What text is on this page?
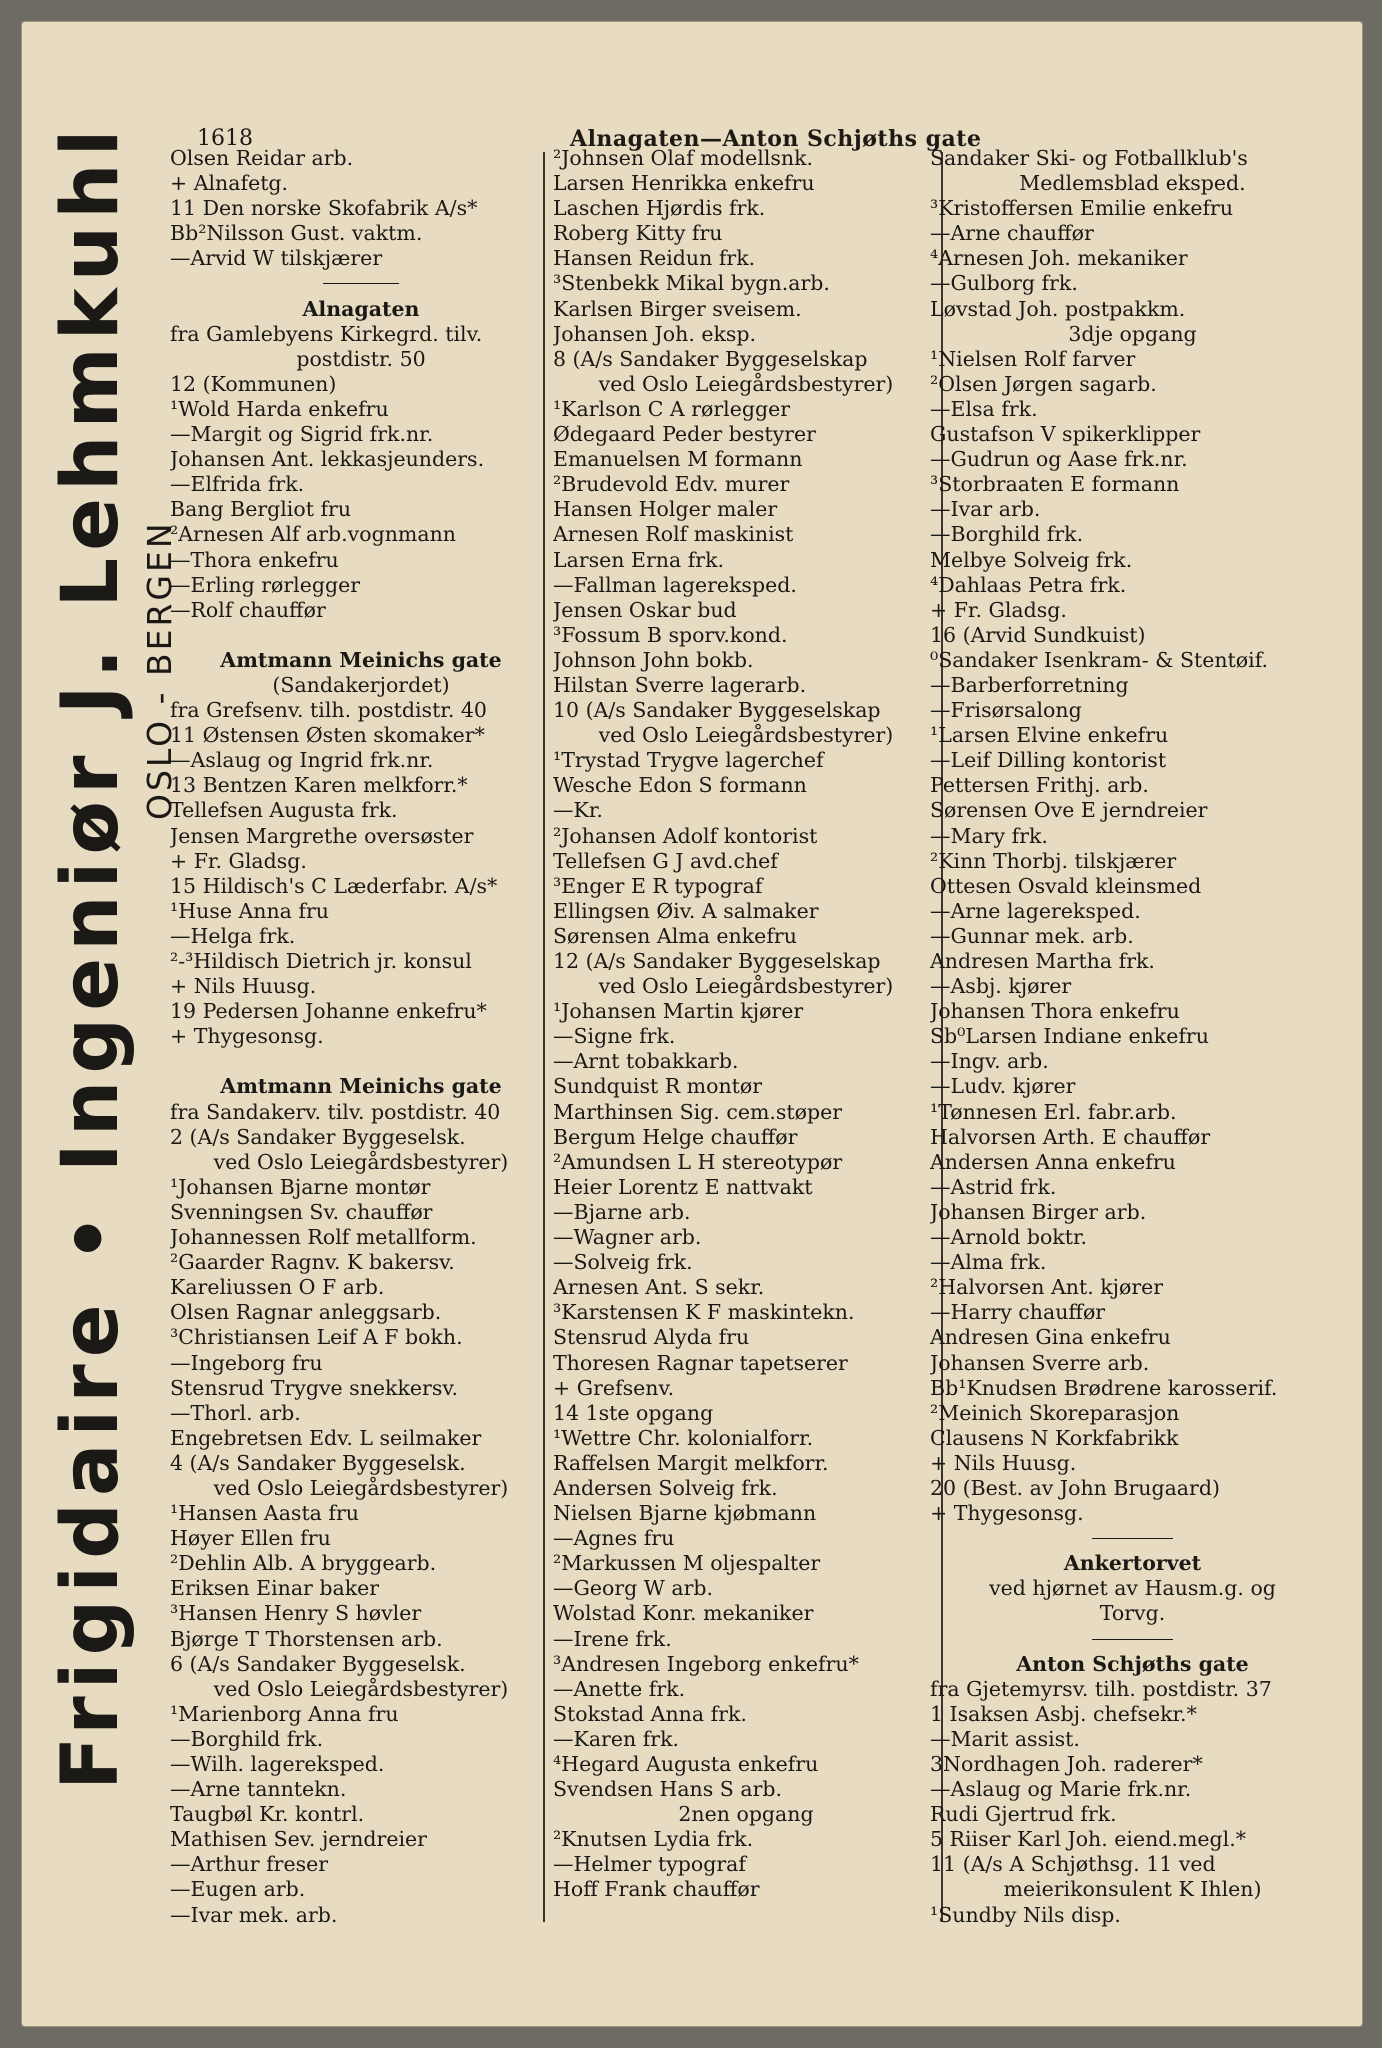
1618	Alnagaten—Anton Schjøths gate
Frigidaire • Ingeniør J. Lehmkuhl OSLO - BERGEN
Olsen Reidar arb.
+ Alnafetg.
11 Den norske Skofabrik A/s*
Bb²Nilsson Gust. vaktm.
—Arvid W tilskjærer
Alnagaten
fra Gamlebyens Kirkegrd. tilv.
postdistr. 50
12 (Kommunen)
¹Wold Harda enkefru
—Margit og Sigrid frk.nr.
Johansen Ant. lekkasjeunders.
—Elfrida frk.
Bang Bergliot fru
²Arnesen Alf arb.vognmann
—Thora enkefru
—Erling rørlegger
—Rolf chauffør
Amtmann Meinichs gate
(Sandakerjordet)
fra Grefsenv. tilh. postdistr. 40
11 Østensen Østen skomaker*
—Aslaug og Ingrid frk.nr.
13 Bentzen Karen melkforr.*
Tellefsen Augusta frk.
Jensen Margrethe oversøster
+ Fr. Gladsg.
15 Hildisch's C Læderfabr. A/s*
¹Huse Anna fru
—Helga frk.
²-³Hildisch Dietrich jr. konsul
+ Nils Huusg.
19 Pedersen Johanne enkefru*
+ Thygesonsg.
Amtmann Meinichs gate
fra Sandakerv. tilv. postdistr. 40
2 (A/s Sandaker Byggeselsk.
ved Oslo Leiegårdsbestyrer)
¹Johansen Bjarne montør
Svenningsen Sv. chauffør
Johannessen Rolf metallform.
²Gaarder Ragnv. K bakersv.
Kareliussen O F arb.
Olsen Ragnar anleggsarb.
³Christiansen Leif A F bokh.
—Ingeborg fru
Stensrud Trygve snekkersv.
—Thorl. arb.
Engebretsen Edv. L seilmaker
4 (A/s Sandaker Byggeselsk.
ved Oslo Leiegårdsbestyrer)
¹Hansen Aasta fru
Høyer Ellen fru
²Dehlin Alb. A bryggearb.
Eriksen Einar baker
³Hansen Henry S høvler
Bjørge T Thorstensen arb.
6 (A/s Sandaker Byggeselsk.
ved Oslo Leiegårdsbestyrer)
¹Marienborg Anna fru
—Borghild frk.
—Wilh. lagereksped.
—Arne tanntekn.
Taugbøl Kr. kontrl.
Mathisen Sev. jerndreier
—Arthur freser
—Eugen arb.
—Ivar mek. arb.
²Johnsen Olaf modellsnk.
Larsen Henrikka enkefru
Laschen Hjørdis frk.
Roberg Kitty fru
Hansen Reidun frk.
³Stenbekk Mikal bygn.arb.
Karlsen Birger sveisem.
Johansen Joh. eksp.
8 (A/s Sandaker Byggeselskap
ved Oslo Leiegårdsbestyrer)
¹Karlson C A rørlegger
Ødegaard Peder bestyrer
Emanuelsen M formann
²Brudevold Edv. murer
Hansen Holger maler
Arnesen Rolf maskinist
Larsen Erna frk.
—Fallman lagereksped.
Jensen Oskar bud
³Fossum B sporv.kond.
Johnson John bokb.
Hilstan Sverre lagerarb.
10 (A/s Sandaker Byggeselskap
ved Oslo Leiegårdsbestyrer)
¹Trystad Trygve lagerchef
Wesche Edon S formann
—Kr.
²Johansen Adolf kontorist
Tellefsen G J avd.chef
³Enger E R typograf
Ellingsen Øiv. A salmaker
Sørensen Alma enkefru
12 (A/s Sandaker Byggeselskap
ved Oslo Leiegårdsbestyrer)
¹Johansen Martin kjører
—Signe frk.
—Arnt tobakkarb.
Sundquist R montør
Marthinsen Sig. cem.støper
Bergum Helge chauffør
²Amundsen L H stereotypør
Heier Lorentz E nattvakt
—Bjarne arb.
—Wagner arb.
—Solveig frk.
Arnesen Ant. S sekr.
³Karstensen K F maskintekn.
Stensrud Alyda fru
Thoresen Ragnar tapetserer
+ Grefsenv.
14 1ste opgang
¹Wettre Chr. kolonialforr.
Raffelsen Margit melkforr.
Andersen Solveig frk.
Nielsen Bjarne kjøbmann
—Agnes fru
²Markussen M oljespalter
—Georg W arb.
Wolstad Konr. mekaniker
—Irene frk.
³Andresen Ingeborg enkefru*
—Anette frk.
Stokstad Anna frk.
—Karen frk.
⁴Hegard Augusta enkefru
Svendsen Hans S arb.
2nen opgang
²Knutsen Lydia frk.
—Helmer typograf
Hoff Frank chauffør
Sandaker Ski- og Fotballklub's
Medlemsblad eksped.
³Kristoffersen Emilie enkefru
—Arne chauffør
⁴Arnesen Joh. mekaniker
—Gulborg frk.
Løvstad Joh. postpakkm.
3dje opgang
¹Nielsen Rolf farver
²Olsen Jørgen sagarb.
—Elsa frk.
Gustafson V spikerklipper
—Gudrun og Aase frk.nr.
³Storbraaten E formann
—Ivar arb.
—Borghild frk.
Melbye Solveig frk.
⁴Dahlaas Petra frk.
+ Fr. Gladsg.
16 (Arvid Sundkuist)
⁰Sandaker Isenkram- & Stentøif.
—Barberforretning
—Frisørsalong
¹Larsen Elvine enkefru
—Leif Dilling kontorist
Pettersen Frithj. arb.
Sørensen Ove E jerndreier
—Mary frk.
²Kinn Thorbj. tilskjærer
Ottesen Osvald kleinsmed
—Arne lagereksped.
—Gunnar mek. arb.
Andresen Martha frk.
—Asbj. kjører
Johansen Thora enkefru
Sb⁰Larsen Indiane enkefru
—Ingv. arb.
—Ludv. kjører
¹Tønnesen Erl. fabr.arb.
Halvorsen Arth. E chauffør
Andersen Anna enkefru
—Astrid frk.
Johansen Birger arb.
—Arnold boktr.
—Alma frk.
²Halvorsen Ant. kjører
—Harry chauffør
Andresen Gina enkefru
Johansen Sverre arb.
Bb¹Knudsen Brødrene karosserif.
²Meinich Skoreparasjon
Clausens N Korkfabrikk
+ Nils Huusg.
20 (Best. av John Brugaard)
+ Thygesonsg.
Ankertorvet
ved hjørnet av Hausm.g. og
Torvg.
Anton Schjøths gate
fra Gjetemyrsv. tilh. postdistr. 37
1 Isaksen Asbj. chefsekr.*
—Marit assist.
3Nordhagen Joh. raderer*
—Aslaug og Marie frk.nr.
Rudi Gjertrud frk.
5 Riiser Karl Joh. eiend.megl.*
11 (A/s A Schjøthsg. 11 ved
meierikonsulent K Ihlen)
¹Sundby Nils disp.
